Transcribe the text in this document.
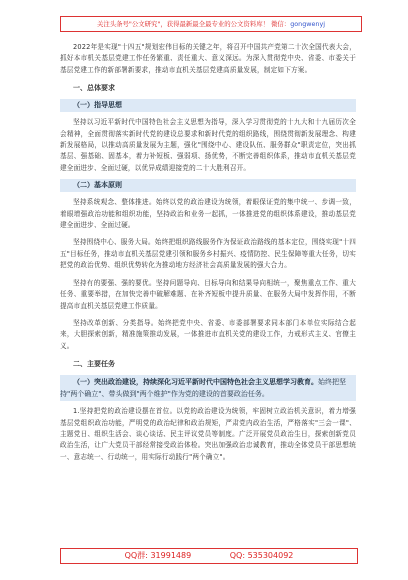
关注头条号"公文研究"，获得最新最全最专业的公文资料库！ 微信：gongwenyj

2022年是实现"十四五"规划宏伟目标的关键之年，将召开中国共产党第二十次全国代表大会，抓好本市机关基层党建工作任务繁重、责任重大、意义深远。为深入贯彻党中央、省委、市委关于基层党建工作的新部署新要求，推动市直机关基层党建高质量发展，制定如下方案。

一、总体要求
（一）指导思想

坚持以习近平新时代中国特色社会主义思想为指导，深入学习贯彻党的十九大和十九届历次全会精神，全面贯彻落实新时代党的建设总要求和新时代党的组织路线，围绕贯彻新发展理念、构建新发展格局，以推动高质量发展为主题，强化"围绕中心、建设队伍、服务群众"职责定位，突出抓基层、强基础、固基本，着力补短板、强弱项、扬优势，不断完善组织体系，推动市直机关基层党建全面进步、全面过硬，以优异成绩迎接党的二十大胜利召开。

（二）基本原则

坚持系统观念、整体推进。始终以党的政治建设为统领，着眼保证党的集中统一、步调一致，着眼增强政治功能和组织功能，坚持政治和业务一起抓，一体推进党的组织体系建设，推动基层党建全面进步、全面过硬。

坚持围绕中心、服务大局。始终把组织路线服务作为保证政治路线的基本定位，围绕实现"十四五"目标任务，推动市直机关基层党建引领和服务乡村振兴、疫情防控、民生保障等重大任务，切实把党的政治优势、组织优势转化为推动地方经济社会高质量发展的强大合力。

坚持有的要强、强的要优。坚持问题导向、目标导向和结果导向相统一，聚焦重点工作、重大任务、重要举措，在加快完善中破解难题、在补齐短板中提升质量、在服务大局中发挥作用，不断提高市直机关基层党建工作质量。

坚持改革创新、分类指导。始终把党中央、省委、市委部署要求同本部门本单位实际结合起来，大胆探索创新，精准施策推动发展，一体推进市直机关党的建设工作，力戒形式主义、官僚主义。

二、主要任务
（一）突出政治建设，持续深化习近平新时代中国特色社会主义思想学习教育。始终把坚持"两个确立"、带头做到"两个维护"作为党的建设的首要政治任务。

1.坚持把党的政治建设摆在首位。以党的政治建设为统领，牢固树立政治机关意识，着力增强基层党组织政治功能，严明党的政治纪律和政治规矩，严肃党内政治生活，严格落实"三会一课"、主题党日、组织生活会、谈心谈话、民主评议党员等制度。广泛开展党员政治生日，探索创新党员政治生活，让广大党员干部经常接受政治体检。突出加强政治忠诚教育，推动全体党员干部思想统一、意志统一、行动统一，用实际行动践行"两个确立"。

QQ群: 31991489	QQ: 535304092
